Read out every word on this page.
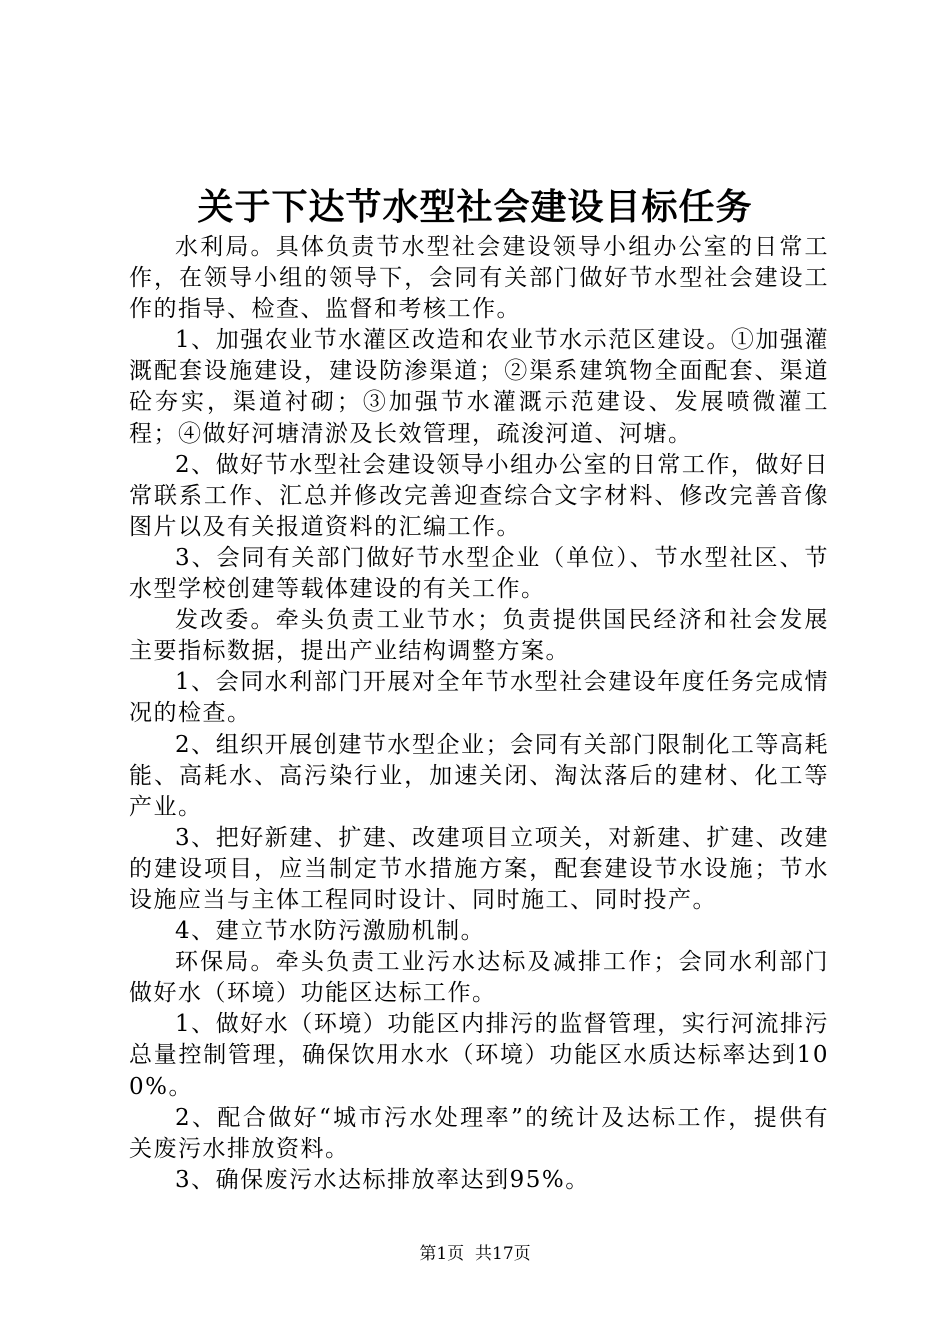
关于下达节水型社会建设目标任务

水利局。具体负责节水型社会建设领导小组办公室的日常工作，在领导小组的领导下，会同有关部门做好节水型社会建设工作的指导、检查、监督和考核工作。

1、加强农业节水灌区改造和农业节水示范区建设。①加强灌溉配套设施建设，建设防渗渠道；②渠系建筑物全面配套、渠道砼夯实，渠道衬砌；③加强节水灌溉示范建设、发展喷微灌工程；④做好河塘清淤及长效管理，疏浚河道、河塘。

2、做好节水型社会建设领导小组办公室的日常工作，做好日常联系工作、汇总并修改完善迎查综合文字材料、修改完善音像图片以及有关报道资料的汇编工作。

3、会同有关部门做好节水型企业（单位）、节水型社区、节水型学校创建等载体建设的有关工作。

发改委。牵头负责工业节水；负责提供国民经济和社会发展主要指标数据，提出产业结构调整方案。

1、会同水利部门开展对全年节水型社会建设年度任务完成情况的检查。

2、组织开展创建节水型企业；会同有关部门限制化工等高耗能、高耗水、高污染行业，加速关闭、淘汰落后的建材、化工等产业。

3、把好新建、扩建、改建项目立项关，对新建、扩建、改建的建设项目，应当制定节水措施方案，配套建设节水设施；节水设施应当与主体工程同时设计、同时施工、同时投产。

4、建立节水防污激励机制。

环保局。牵头负责工业污水达标及减排工作；会同水利部门做好水（环境）功能区达标工作。

1、做好水（环境）功能区内排污的监督管理，实行河流排污总量控制管理，确保饮用水水（环境）功能区水质达标率达到100%。

2、配合做好“城市污水处理率”的统计及达标工作，提供有关废污水排放资料。

3、确保废污水达标排放率达到95%。

第1页 共17页
